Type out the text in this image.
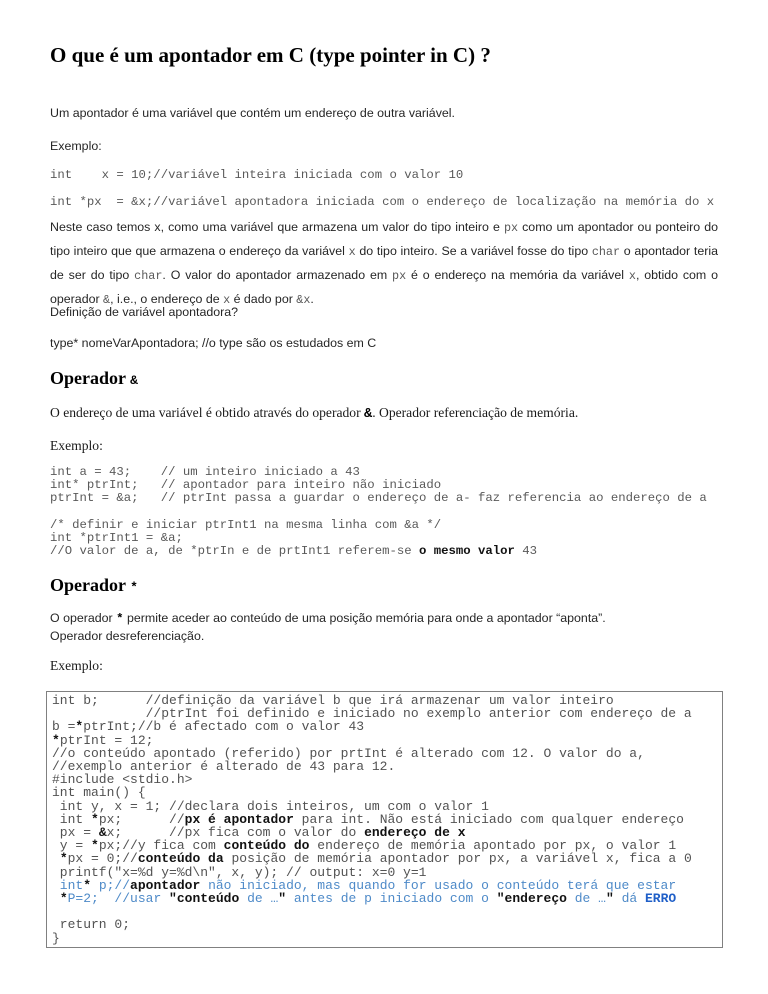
O que é um apontador em C (type pointer in C) ?
Um apontador é uma variável que contém um endereço de outra variável.
Exemplo:
int    x = 10;//variável inteira iniciada com o valor 10
int *px  = &x;//variável apontadora iniciada com o endereço de localização na memória do x
Neste caso temos x, como uma variável que armazena um valor do tipo inteiro e px como um apontador ou ponteiro do tipo inteiro que que armazena o endereço da variável x do tipo inteiro. Se a variável fosse do tipo char o apontador teria de ser do tipo char. O valor do apontador armazenado em px é o endereço na memória da variável x, obtido com o operador &, i.e., o endereço de x é dado por &x.
Definição de variável apontadora?
type* nomeVarApontadora; //o type são os estudados em C
Operador &
O endereço de uma variável é obtido através do operador &. Operador referenciação de memória.
Exemplo:
int a = 43;    // um inteiro iniciado a 43
int* ptrInt;   // apontador para inteiro não iniciado
ptrInt = &a;   // ptrInt passa a guardar o endereço de a- faz referencia ao endereço de a

/* definir e iniciar ptrInt1 na mesma linha com &a */
int *ptrInt1 = &a;
//O valor de a, de *ptrIn e de prtInt1 referem-se o mesmo valor 43
Operador *
O operador * permite aceder ao conteúdo de uma posição memória para onde a apontador “aponta”.
Operador desreferenciação.
Exemplo:
int b;      //definição da variável b que irá armazenar um valor inteiro
//ptrInt foi definido e iniciado no exemplo anterior com endereço de a
b =*ptrInt;//b é afectado com o valor 43
*ptrInt = 12;
//o conteúdo apontado (referido) por prtInt é alterado com 12. O valor do a,
//exemplo anterior é alterado de 43 para 12.
#include <stdio.h>
int main() {
int y, x = 1; //declara dois inteiros, um com o valor 1
int *px;      //px é apontador para int. Não está iniciado com qualquer endereço
px = &x;      //px fica com o valor do endereço de x
y = *px;//y fica com conteúdo do endereço de memória apontado por px, o valor 1
*px = 0;//conteúdo da posição de memória apontador por px, a variável x, fica a 0
printf("x=%d y=%d\n", x, y); // output: x=0 y=1
int* p;//apontador não iniciado, mas quando for usado o conteúdo terá que estar
*P=2;  //usar "conteúdo de …" antes de p iniciado com o "endereço de …" dá ERRO

return 0;
}
